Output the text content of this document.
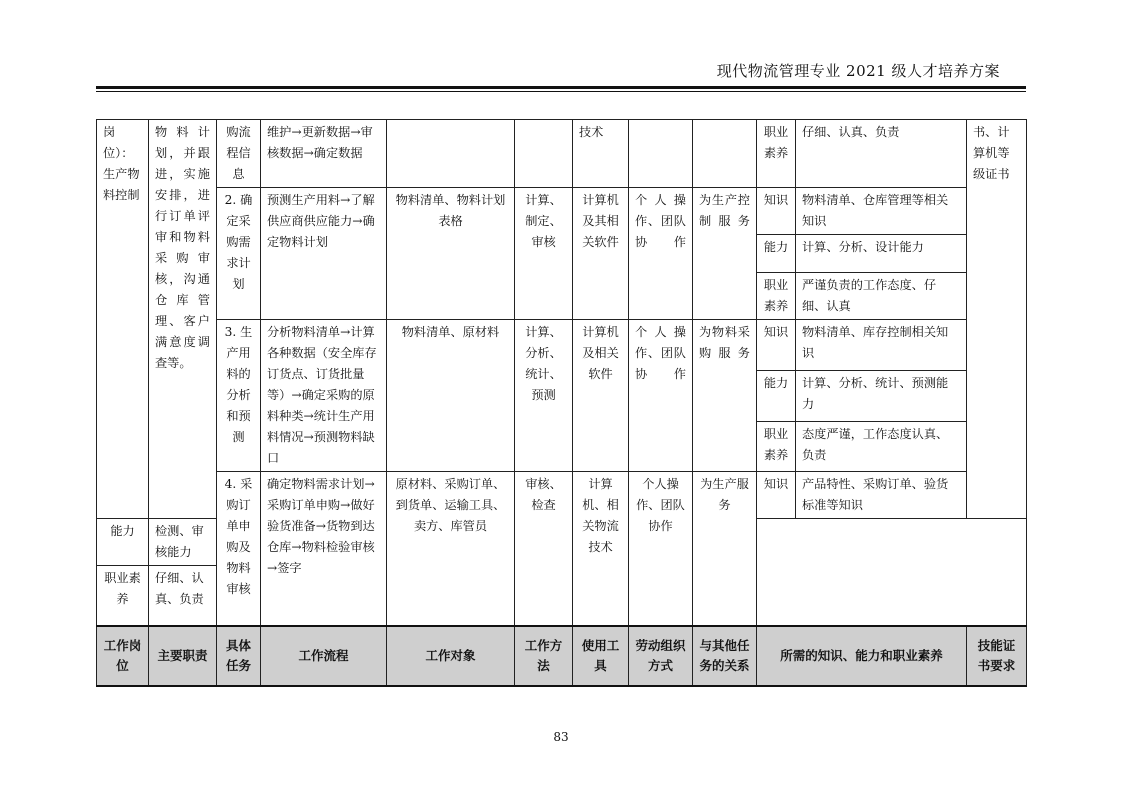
现代物流管理专业 2021 级人才培养方案
岗位）：生产物料控制	物料计划，并跟进，实施安排，进行订单评审和物料采购审核，沟通仓库管理、客户满意度调查等。	购流程信息	维护→更新数据→审核数据→确定数据			技术			职业素养	仔细、认真、负责	书、计算机等级证书	
		2. 确定采购需求计划	预测生产用料→了解供应商供应能力→确定物料计划	物料清单、物料计划表格	计算、制定、审核	计算机及其相关软件	个人操作、团队协作	为生产控制服务	知识	物料清单、仓库管理等相关知识		
									能力	计算、分析、设计能力		
									职业素养	严谨负责的工作态度、仔细、认真		
		3. 生产用料的分析和预测	分析物料清单→计算各种数据（安全库存订货点、订货批量等）→确定采购的原料种类→统计生产用料情况→预测物料缺口	物料清单、原材料	计算、分析、统计、预测	计算机及相关软件	个人操作、团队协作	为物料采购服务	知识	物料清单、库存控制相关知识		
									能力	计算、分析、统计、预测能力		
									职业素养	态度严谨，工作态度认真、负责		
		4. 采购订单申购及物料审核	确定物料需求计划→采购订单申购→做好验货准备→货物到达仓库→物料检验审核→签字	原材料、采购订单、到货单、运输工具、卖方、库管员	审核、检查	计算机、相关物流技术	个人操作、团队协作	为生产服务	知识	产品特性、采购订单、验货标准等知识		
能力	检测、审核能力											
职业素养	仔细、认真、负责											
工作岗位	主要职责	具体任务	工作流程	工作对象	工作方法	使用工具	劳动组织方式	与其他任务的关系	所需的知识、能力和职业素养		技能证书要求	
83
